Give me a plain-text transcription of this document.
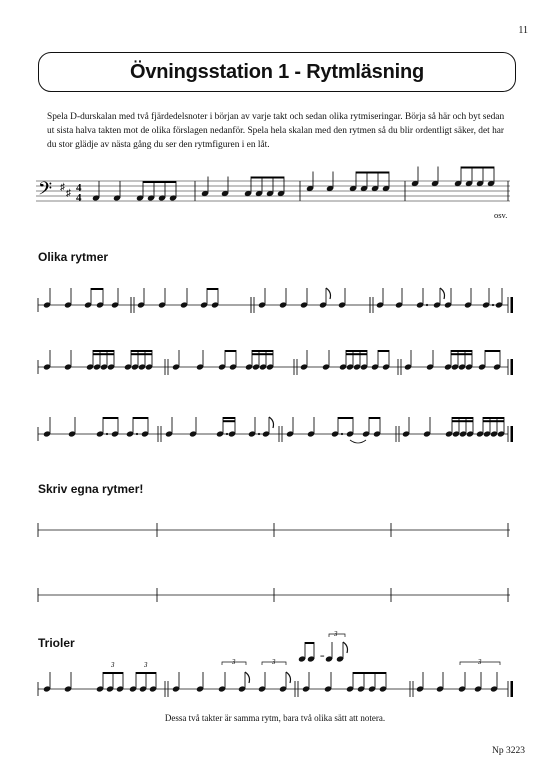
11
Övningsstation 1 - Rytmläsning

Spela D-durskalan med två fjärdedelsnoter i början av varje takt och sedan olika rytmiseringar. Börja så här och byt sedan ut sista halva takten mot de olika förslagen nedanför. Spela hela skalan med den rytmen så du blir ordentligt säker, det har du stor glädje av nästa gång du ser den rytmfiguren i en låt.

𝄢 ♯
♯ 4
4
osv.
Olika rytmer
Skriv egna rytmer!
Trioler
3	3	3	3	3
=
3
Dessa två takter är samma rytm, bara två olika sätt att notera.
Np 3223
